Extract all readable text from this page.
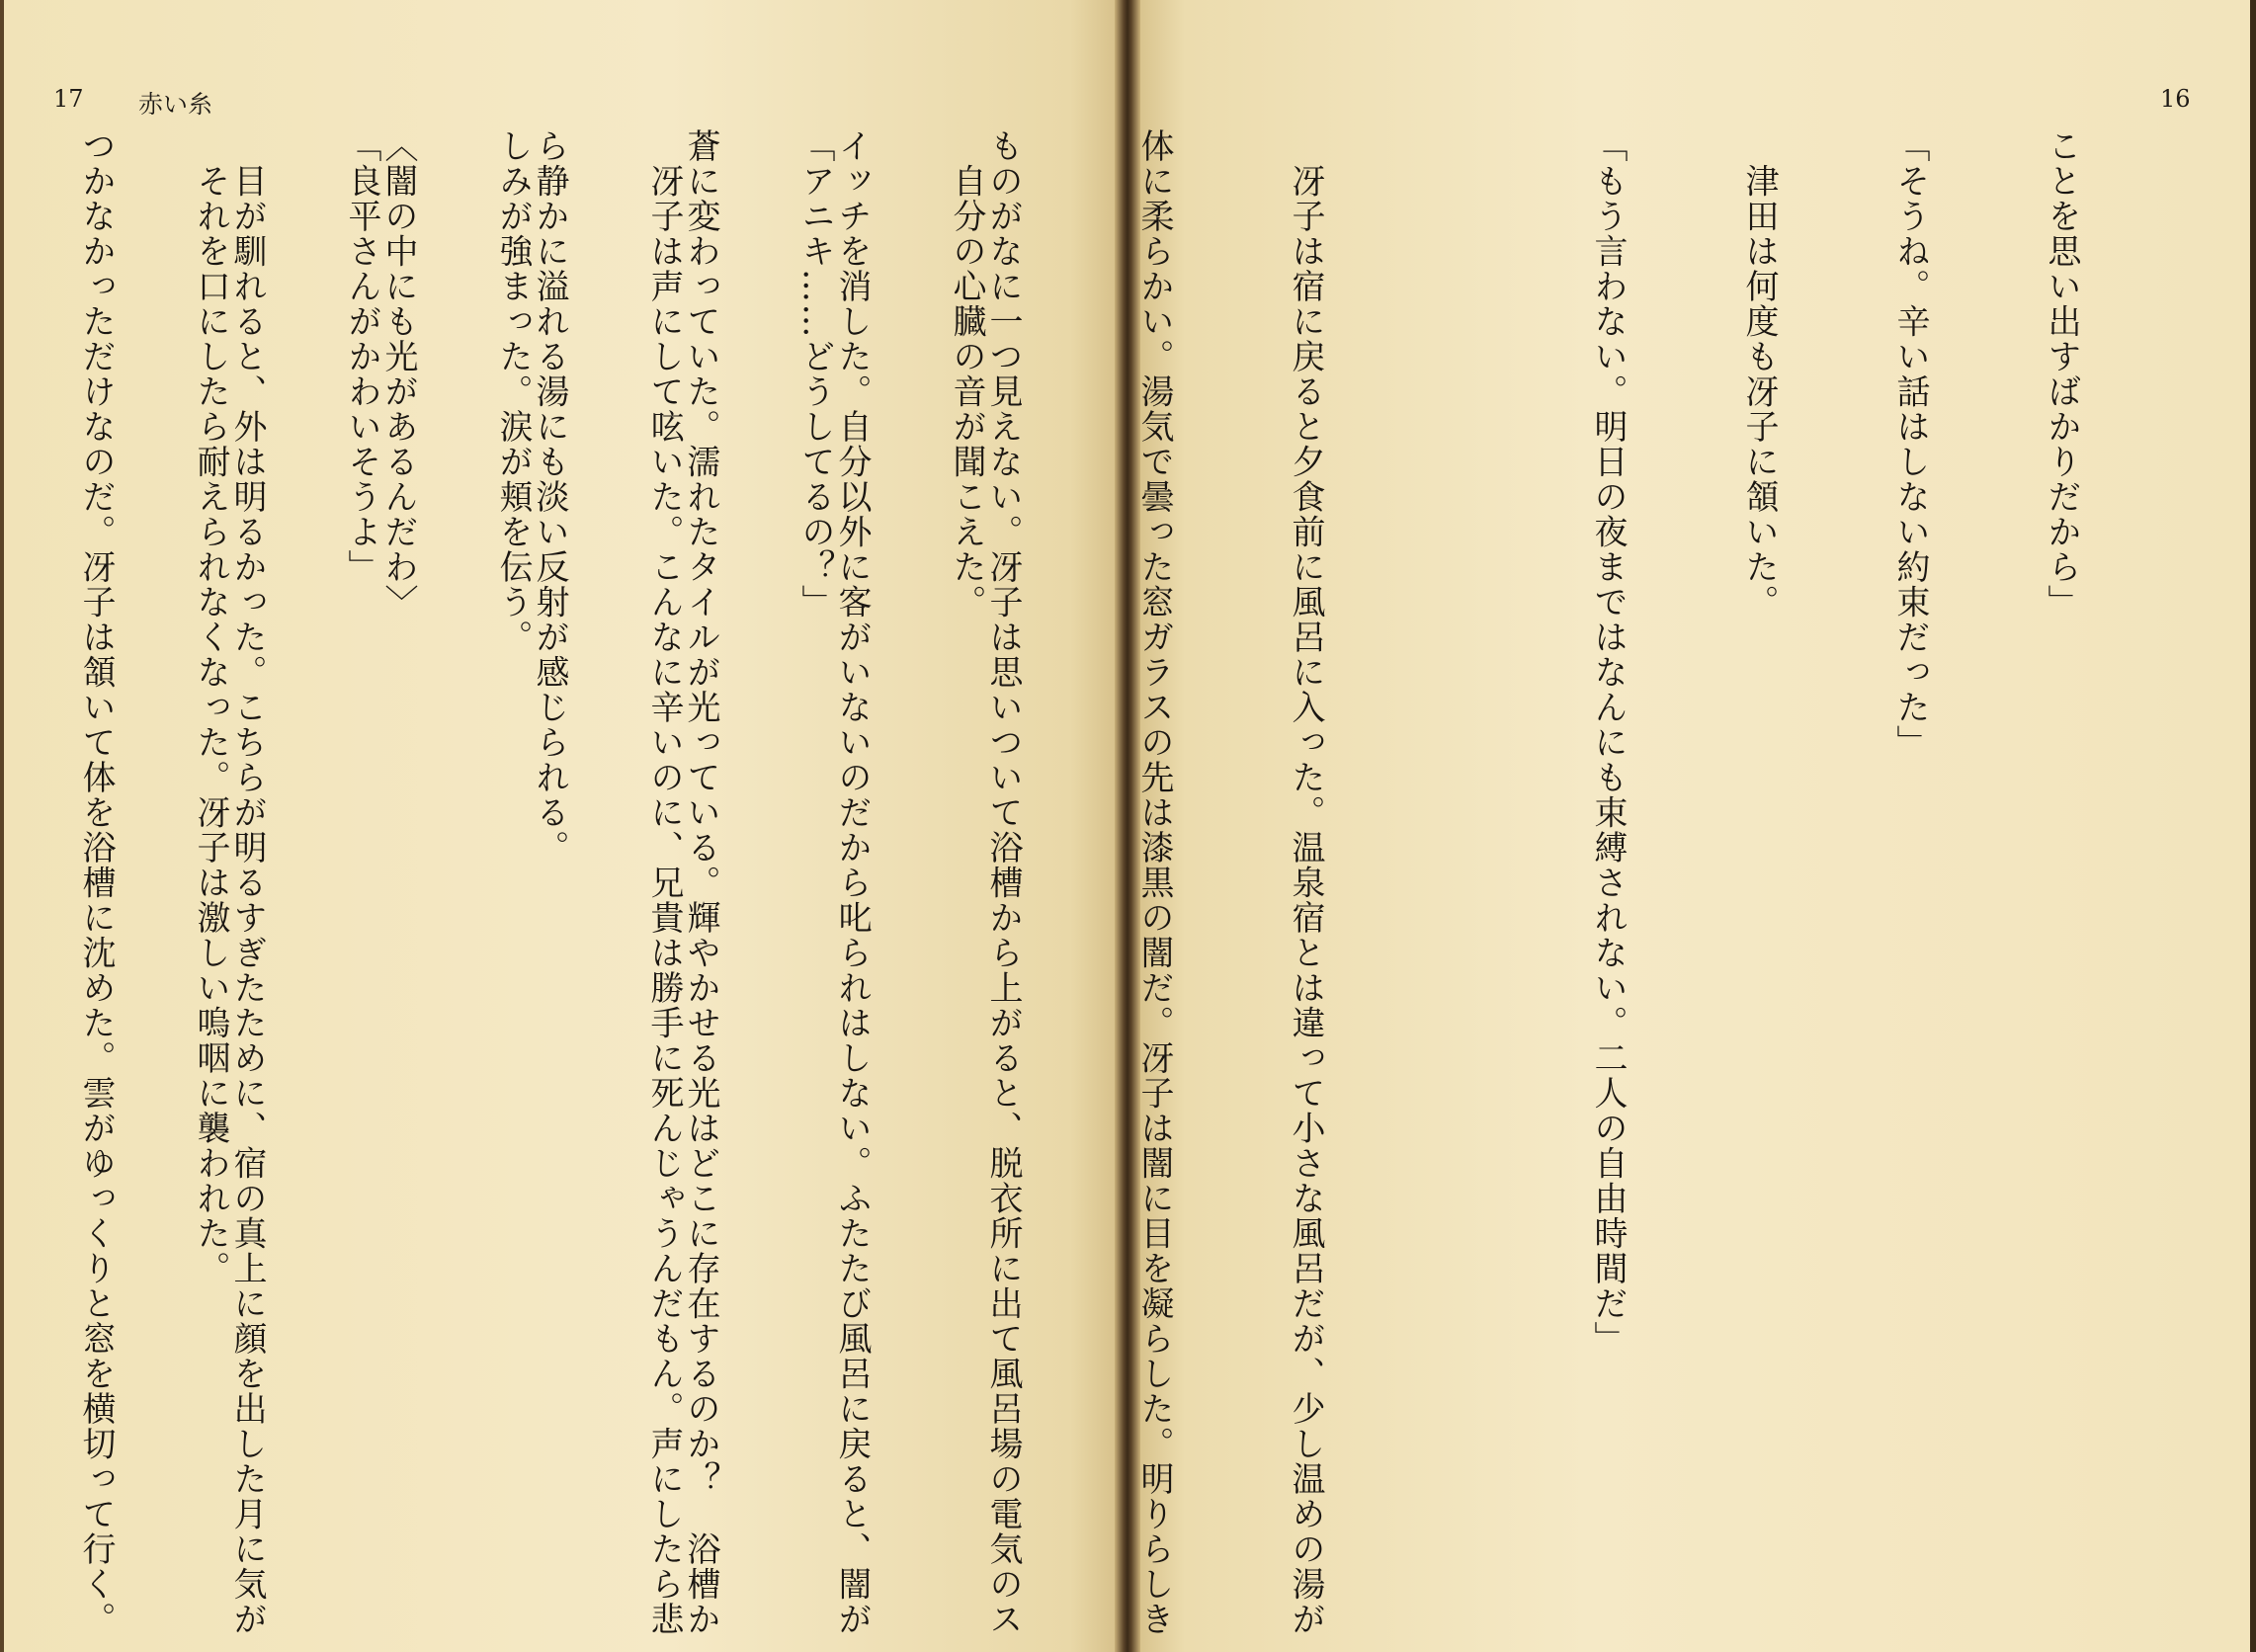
17 赤い糸	16

ことを思い出すばかりだから」

「そうね。辛い話はしない約束だった」

　津田は何度も冴子に頷いた。

「もう言わない。明日の夜まではなんにも束縛されない。二人の自由時間だ」

　冴子は宿に戻ると夕食前に風呂に入った。温泉宿とは違って小さな風呂だが、少し温めの湯が

体に柔らかい。湯気で曇った窓ガラスの先は漆黒の闇だ。冴子は闇に目を凝らした。明りらしき

ものがなに一つ見えない。冴子は思いついて浴槽から上がると、脱衣所に出て風呂場の電気のス

イッチを消した。自分以外に客がいないのだから叱られはしない。ふたたび風呂に戻ると、闇が

蒼に変わっていた。濡れたタイルが光っている。輝やかせる光はどこに存在するのか？　浴槽か

ら静かに溢れる湯にも淡い反射が感じられる。

〈闇の中にも光があるんだわ〉

　目が馴れると、外は明るかった。こちらが明るすぎたために、宿の真上に顔を出した月に気が

つかなかっただけなのだ。冴子は頷いて体を浴槽に沈めた。雲がゆっくりと窓を横切って行く。

	　自分の心臓の音が聞こえた。

「アニキ……どうしてるの？」

　冴子は声にして呟いた。こんなに辛いのに、兄貴は勝手に死んじゃうんだもん。声にしたら悲

しみが強まった。涙が頬を伝う。

「良平さんがかわいそうよ」

　それを口にしたら耐えられなくなった。冴子は激しい嗚咽に襲われた。
